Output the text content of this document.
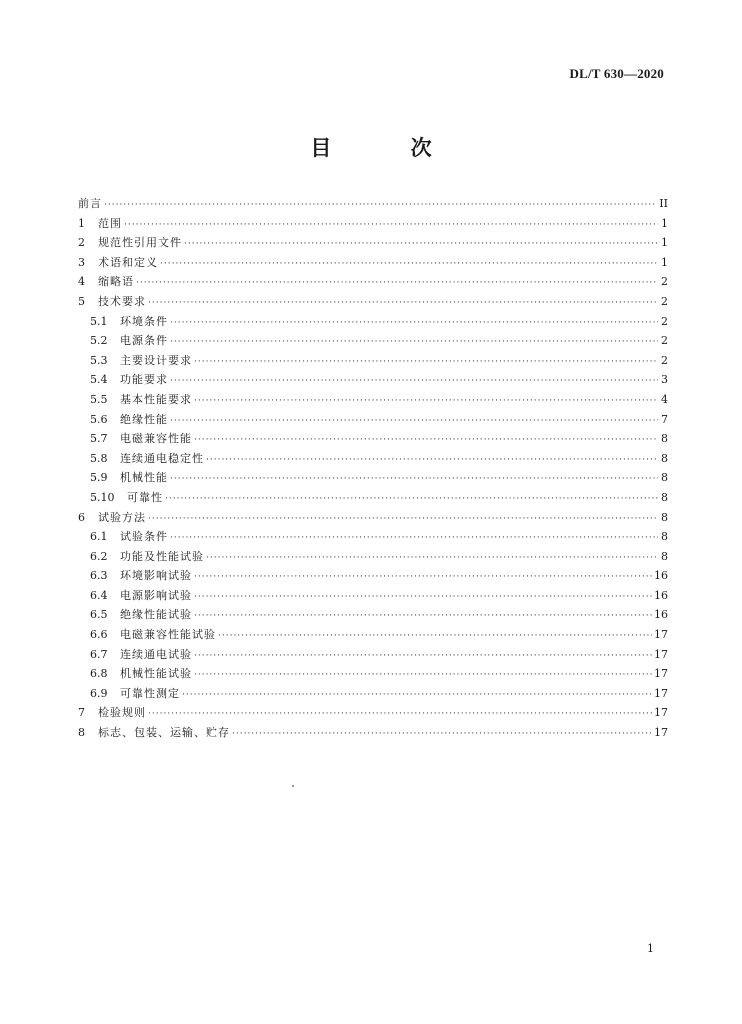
DL/T 630—2020
目 次
前言 ·····	II
1	范围 ·····	1
2	规范性引用文件 ·····	1
3	术语和定义 ·····	1
4	缩略语 ·····	2
5	技术要求 ·····	2
5.1	环境条件 ·····	2
5.2	电源条件 ·····	2
5.3	主要设计要求 ·····	2
5.4	功能要求 ·····	3
5.5	基本性能要求 ·····	4
5.6	绝缘性能 ·····	7
5.7	电磁兼容性能 ·····	8
5.8	连续通电稳定性 ·····	8
5.9	机械性能 ·····	8
5.10	可靠性 ·····	8
6	试验方法 ·····	8
6.1	试验条件 ·····	8
6.2	功能及性能试验 ·····	8
6.3	环境影响试验 ·····	16
6.4	电源影响试验 ·····	16
6.5	绝缘性能试验 ·····	16
6.6	电磁兼容性能试验 ·····	17
6.7	连续通电试验 ·····	17
6.8	机械性能试验 ·····	17
6.9	可靠性测定 ·····	17
7	检验规则 ·····	17
8	标志、包装、运输、贮存 ·····	17
1
